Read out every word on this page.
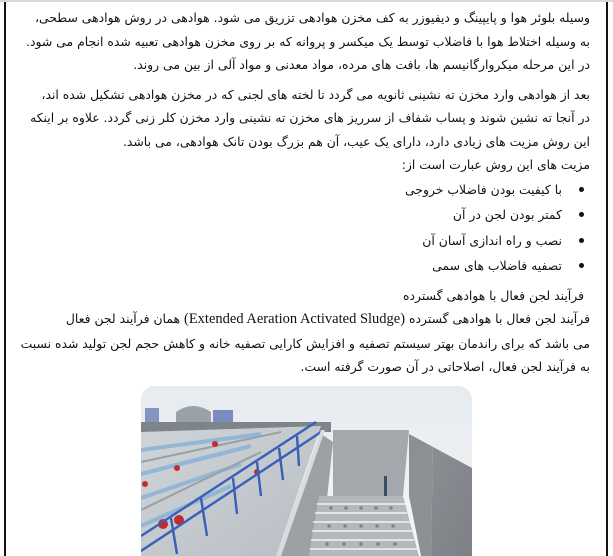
وسیله بلوئر هوا و پایپینگ و دیفیوزر به کف مخزن هوادهی تزریق می شود. هوادهی در روش هوادهی سطحی،

به وسیله اختلاط هوا با فاضلاب توسط یک میکسر و پروانه که بر روی مخزن هوادهی تعبیه شده انجام می شود.

در این مرحله میکروارگانیسم ها، بافت های مرده، مواد معدنی و مواد آلی از بین می روند.

بعد از هوادهی وارد مخزن ته نشینی ثانویه می گردد تا لخته های لجنی که در مخزن هوادهی تشکیل شده اند،

در آنجا ته نشین شوند و پساب شفاف از سرریز های مخزن ته نشینی وارد مخزن کلر زنی گردد. علاوه بر اینکه

این روش مزیت های زیادی دارد، دارای یک عیب، آن هم بزرگ بودن تانک هوادهی، می باشد.

مزیت های این روش عبارت است از:

با کیفیت بودن فاضلاب خروجی
کمتر بودن لجن در آن
نصب و راه اندازی آسان آن
تصفیه فاضلاب های سمی

فرآیند لجن فعال با هوادهی گسترده

فرآیند لجن فعال با هوادهی گسترده (Extended Aeration Activated Sludge) همان فرآیند لجن فعال

می باشد که برای راندمان بهتر سیستم تصفیه و افزایش کارایی تصفیه خانه و کاهش حجم لجن تولید شده نسبت

به فرآیند لجن فعال، اصلاحاتی در آن صورت گرفته است.
